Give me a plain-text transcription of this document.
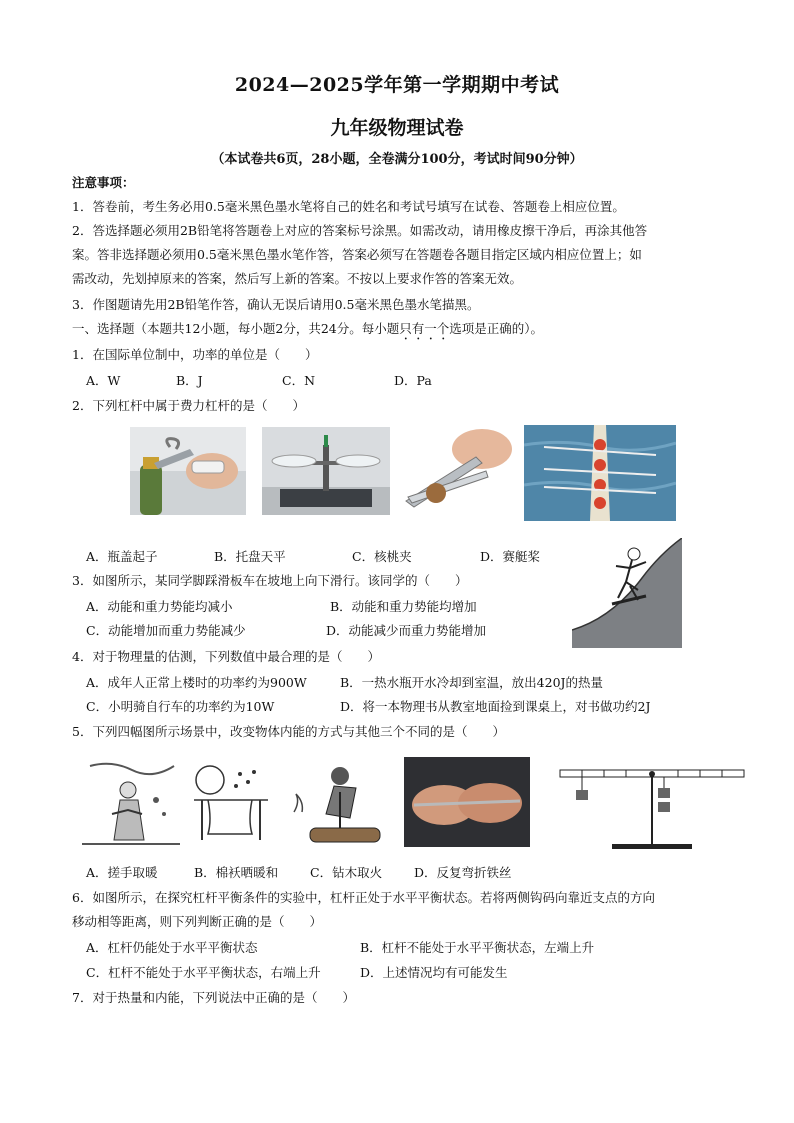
2024—2025学年第一学期期中考试
九年级物理试卷
（本试卷共6页，28小题，全卷满分100分，考试时间90分钟）
注意事项：
1．答卷前，考生务必用0.5毫米黑色墨水笔将自己的姓名和考试号填写在试卷、答题卷上相应位置。
2．答选择题必须用2B铅笔将答题卷上对应的答案标号涂黑。如需改动，请用橡皮擦干净后，再涂其他答
案。答非选择题必须用0.5毫米黑色墨水笔作答，答案必须写在答题卷各题目指定区域内相应位置上；如
需改动，先划掉原来的答案，然后写上新的答案。不按以上要求作答的答案无效。
3．作图题请先用2B铅笔作答，确认无误后请用0.5毫米黑色墨水笔描黑。
一、选择题（本题共12小题，每小题2分，共24分。每小题只有一个选项是正确的）。
1．在国际单位制中，功率的单位是（　　）
A．W	B．J	C．N	D．Pa
2．下列杠杆中属于费力杠杆的是（　　）
A．瓶盖起子	B．托盘天平	C．核桃夹	D．赛艇桨
3．如图所示，某同学脚踩滑板车在坡地上向下滑行。该同学的（　　）
A．动能和重力势能均减小	B．动能和重力势能均增加
C．动能增加而重力势能减少	D．动能减少而重力势能增加
4．对于物理量的估测，下列数值中最合理的是（　　）
A．成年人正常上楼时的功率约为900W	B．一热水瓶开水冷却到室温，放出420J的热量
C．小明骑自行车的功率约为10W	D．将一本物理书从教室地面捡到课桌上，对书做功约2J
5．下列四幅图所示场景中，改变物体内能的方式与其他三个不同的是（　　）
A．搓手取暖	B．棉袄晒暖和	C．钻木取火	D．反复弯折铁丝
6．如图所示，在探究杠杆平衡条件的实验中，杠杆正处于水平平衡状态。若将两侧钩码向靠近支点的方向
移动相等距离，则下列判断正确的是（　　）
A．杠杆仍能处于水平平衡状态	B．杠杆不能处于水平平衡状态，左端上升
C．杠杆不能处于水平平衡状态，右端上升	D．上述情况均有可能发生
7．对于热量和内能，下列说法中正确的是（　　）
